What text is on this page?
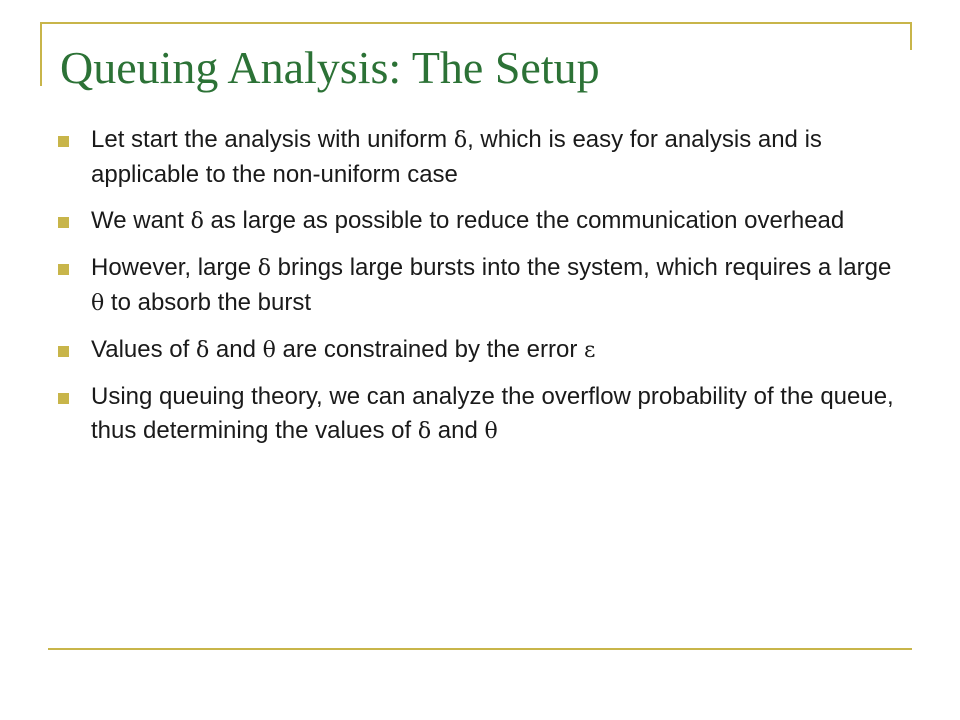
Queuing Analysis: The Setup
Let start the analysis with uniform δ, which is easy for analysis and is applicable to the non-uniform case
We want δ as large as possible to reduce the communication overhead
However, large δ brings large bursts into the system, which requires a large θ to absorb the burst
Values of δ and θ are constrained by the error ε
Using queuing theory, we can analyze the overflow probability of the queue, thus determining the values of δ and θ
